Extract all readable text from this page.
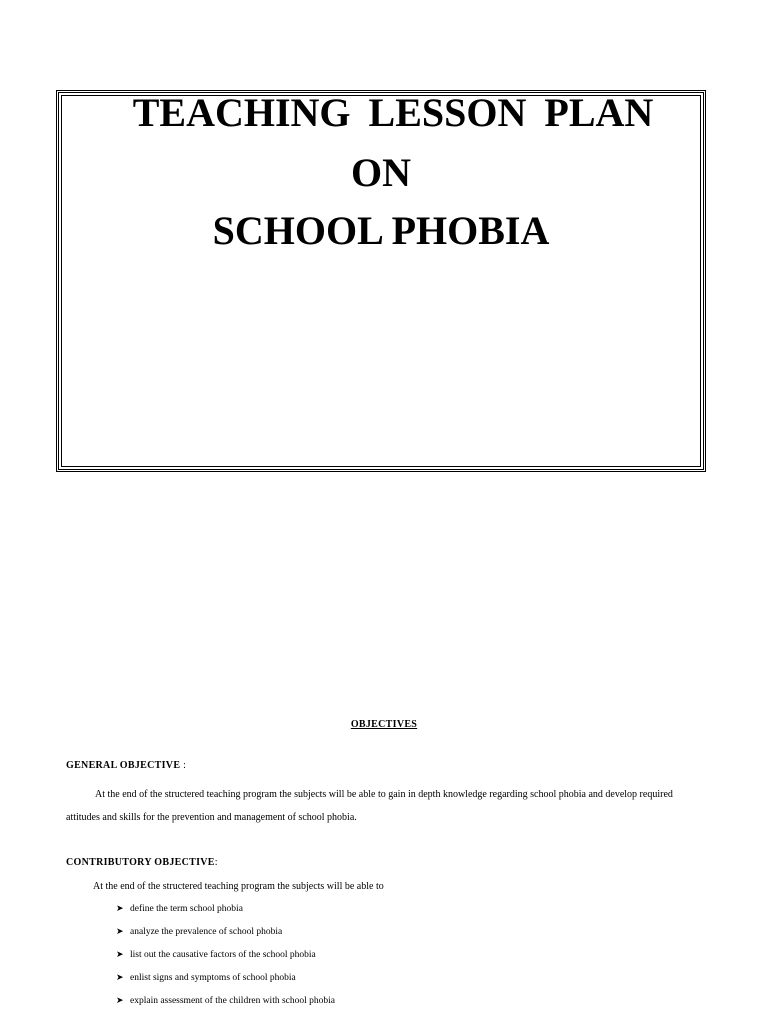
TEACHING LESSON PLAN
ON
SCHOOL PHOBIA
OBJECTIVES
GENERAL OBJECTIVE :
At the end of the structered teaching program the subjects will be able to gain in depth knowledge regarding school phobia and develop required
attitudes and skills for the prevention and management of school phobia.
CONTRIBUTORY OBJECTIVE:
At the end of the structered teaching program the subjects will be able to
➤ define the term school phobia
➤ analyze the prevalence of school phobia
➤ list out the causative factors of the school phobia
➤ enlist signs and symptoms of school phobia
➤ explain assessment of the children with school phobia
